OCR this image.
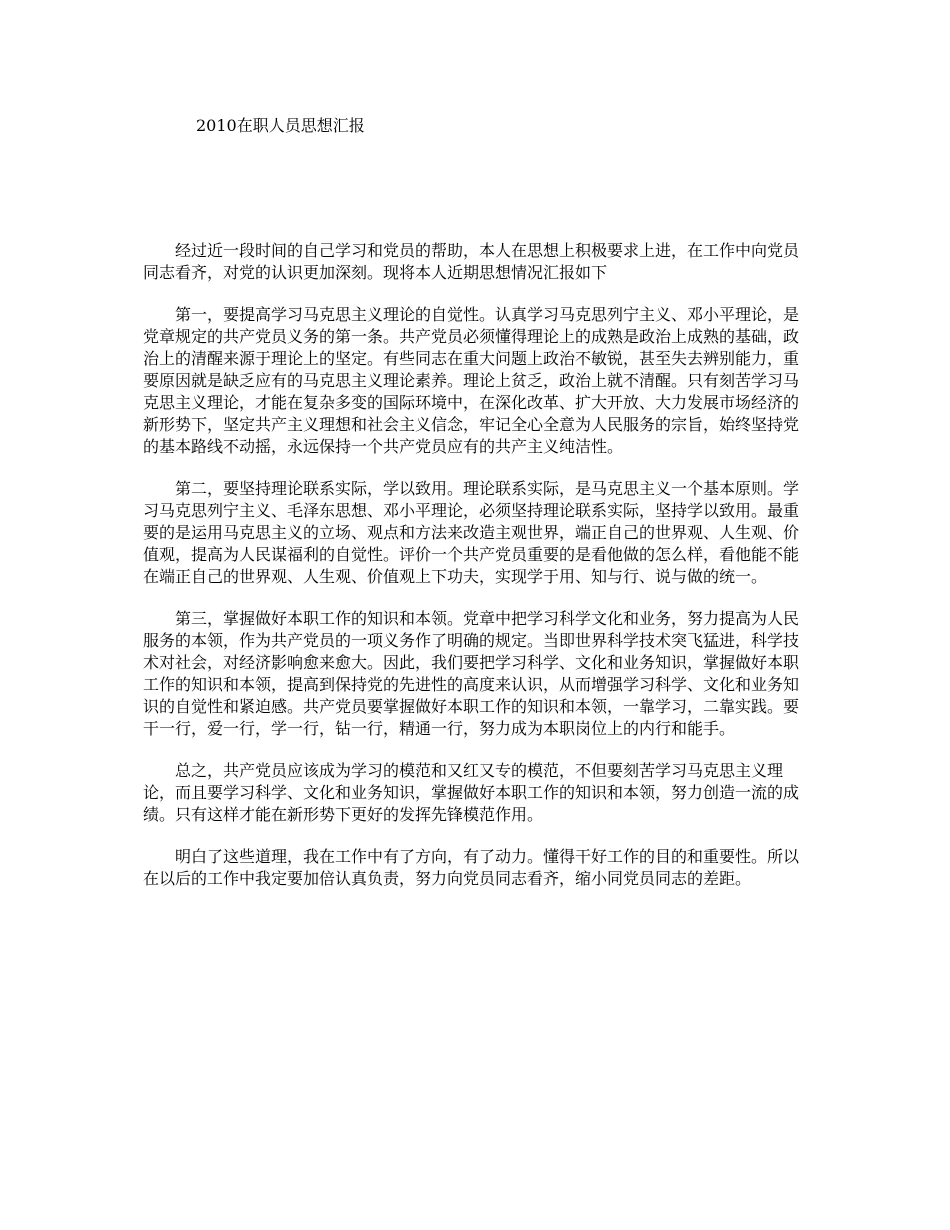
2010在职人员思想汇报

经过近一段时间的自己学习和党员的帮助，本人在思想上积极要求上进，在工作中向党员同志看齐，对党的认识更加深刻。现将本人近期思想情况汇报如下

第一，要提高学习马克思主义理论的自觉性。认真学习马克思列宁主义、邓小平理论，是党章规定的共产党员义务的第一条。共产党员必须懂得理论上的成熟是政治上成熟的基础，政治上的清醒来源于理论上的坚定。有些同志在重大问题上政治不敏锐，甚至失去辨别能力，重要原因就是缺乏应有的马克思主义理论素养。理论上贫乏，政治上就不清醒。只有刻苦学习马克思主义理论，才能在复杂多变的国际环境中，在深化改革、扩大开放、大力发展市场经济的新形势下，坚定共产主义理想和社会主义信念，牢记全心全意为人民服务的宗旨，始终坚持党的基本路线不动摇，永远保持一个共产党员应有的共产主义纯洁性。

第二，要坚持理论联系实际，学以致用。理论联系实际，是马克思主义一个基本原则。学习马克思列宁主义、毛泽东思想、邓小平理论，必须坚持理论联系实际，坚持学以致用。最重要的是运用马克思主义的立场、观点和方法来改造主观世界，端正自己的世界观、人生观、价值观，提高为人民谋福利的自觉性。评价一个共产党员重要的是看他做的怎么样，看他能不能在端正自己的世界观、人生观、价值观上下功夫，实现学于用、知与行、说与做的统一。

第三，掌握做好本职工作的知识和本领。党章中把学习科学文化和业务，努力提高为人民服务的本领，作为共产党员的一项义务作了明确的规定。当即世界科学技术突飞猛进，科学技术对社会，对经济影响愈来愈大。因此，我们要把学习科学、文化和业务知识，掌握做好本职工作的知识和本领，提高到保持党的先进性的高度来认识，从而增强学习科学、文化和业务知识的自觉性和紧迫感。共产党员要掌握做好本职工作的知识和本领，一靠学习，二靠实践。要干一行，爱一行，学一行，钻一行，精通一行，努力成为本职岗位上的内行和能手。

总之，共产党员应该成为学习的模范和又红又专的模范，不但要刻苦学习马克思主义理论，而且要学习科学、文化和业务知识，掌握做好本职工作的知识和本领，努力创造一流的成绩。只有这样才能在新形势下更好的发挥先锋模范作用。

明白了这些道理，我在工作中有了方向，有了动力。懂得干好工作的目的和重要性。所以在以后的工作中我定要加倍认真负责，努力向党员同志看齐，缩小同党员同志的差距。
